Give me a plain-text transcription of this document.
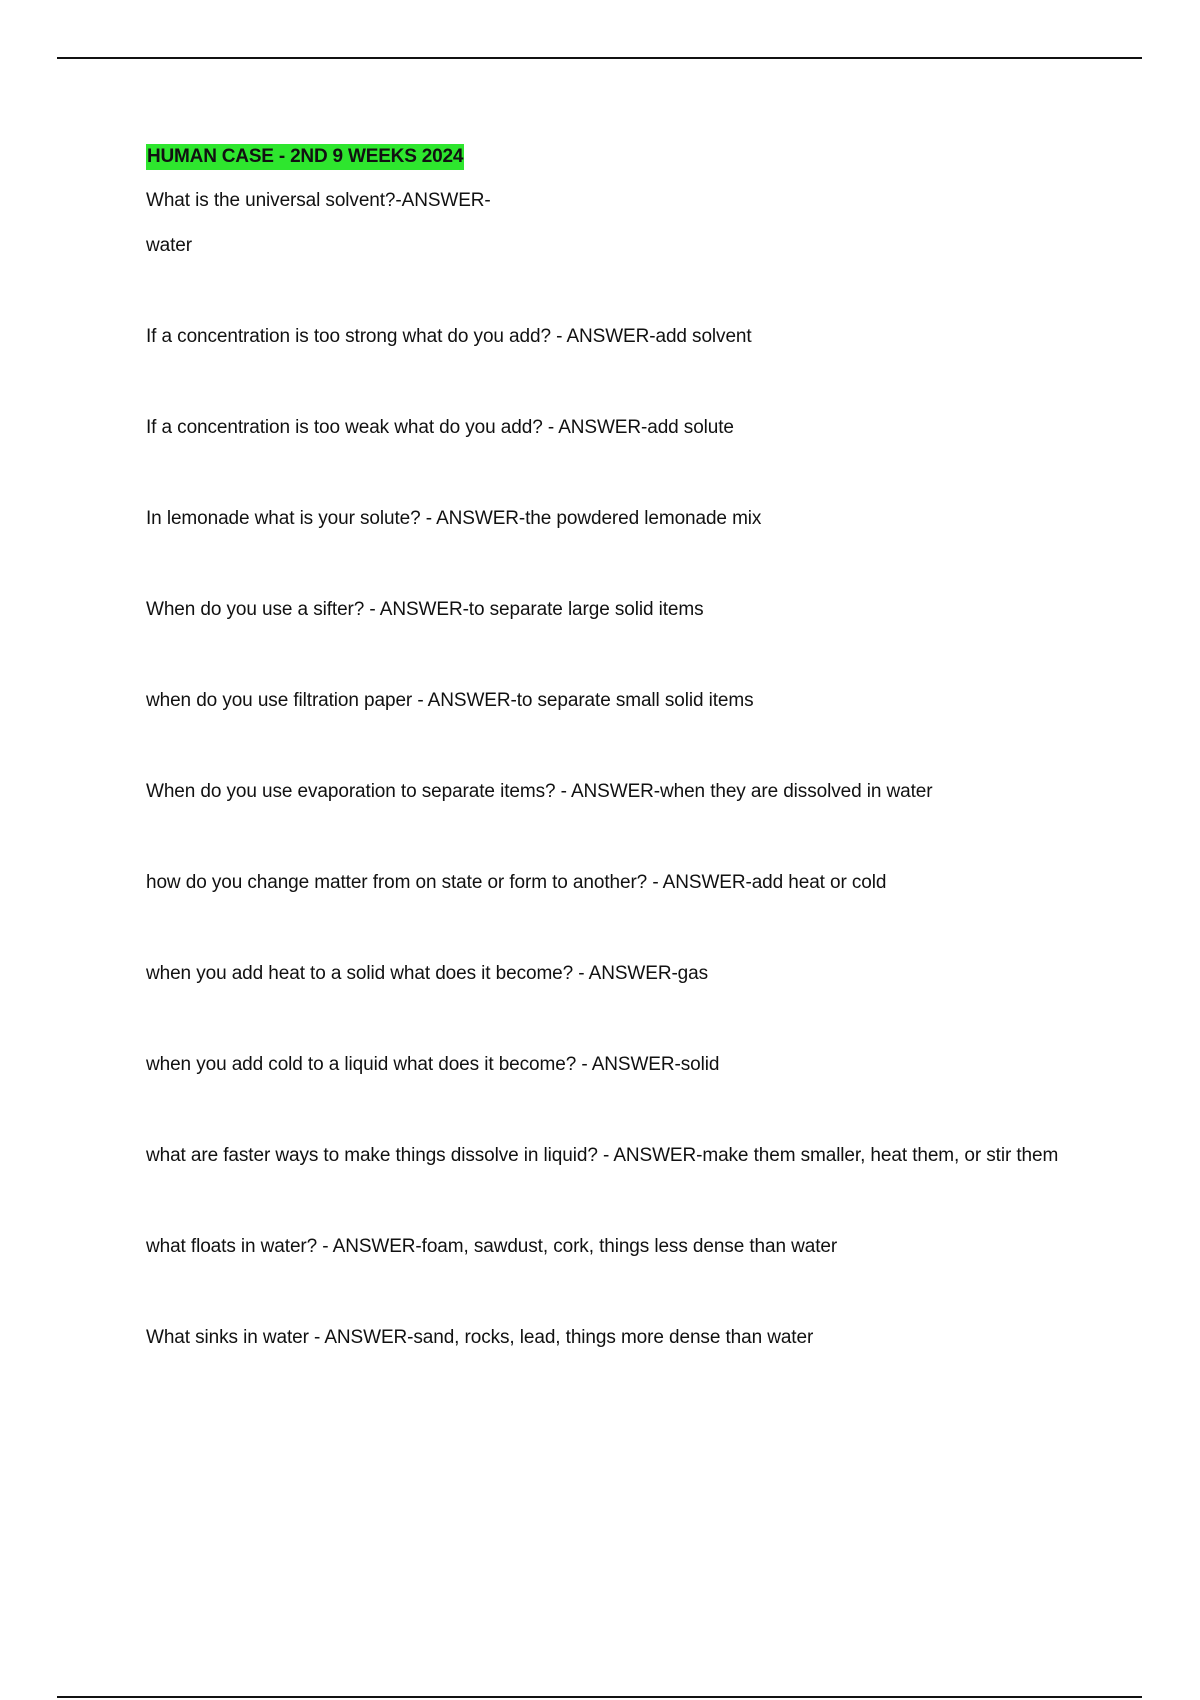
HUMAN CASE - 2ND 9 WEEKS 2024
What is the universal solvent?-ANSWER-
water
If a concentration is too strong what do you add? - ANSWER-add solvent
If a concentration is too weak what do you add? - ANSWER-add solute
In lemonade what is your solute? - ANSWER-the powdered lemonade mix
When do you use a sifter? - ANSWER-to separate large solid items
when do you use filtration paper - ANSWER-to separate small solid items
When do you use evaporation to separate items? - ANSWER-when they are dissolved in water
how do you change matter from on state or form to another? - ANSWER-add heat or cold
when you add heat to a solid what does it become? - ANSWER-gas
when you add cold to a liquid what does it become? - ANSWER-solid
what are faster ways to make things dissolve in liquid? - ANSWER-make them smaller, heat them, or stir them
what floats in water? - ANSWER-foam, sawdust, cork, things less dense than water
What sinks in water - ANSWER-sand, rocks, lead, things more dense than water
